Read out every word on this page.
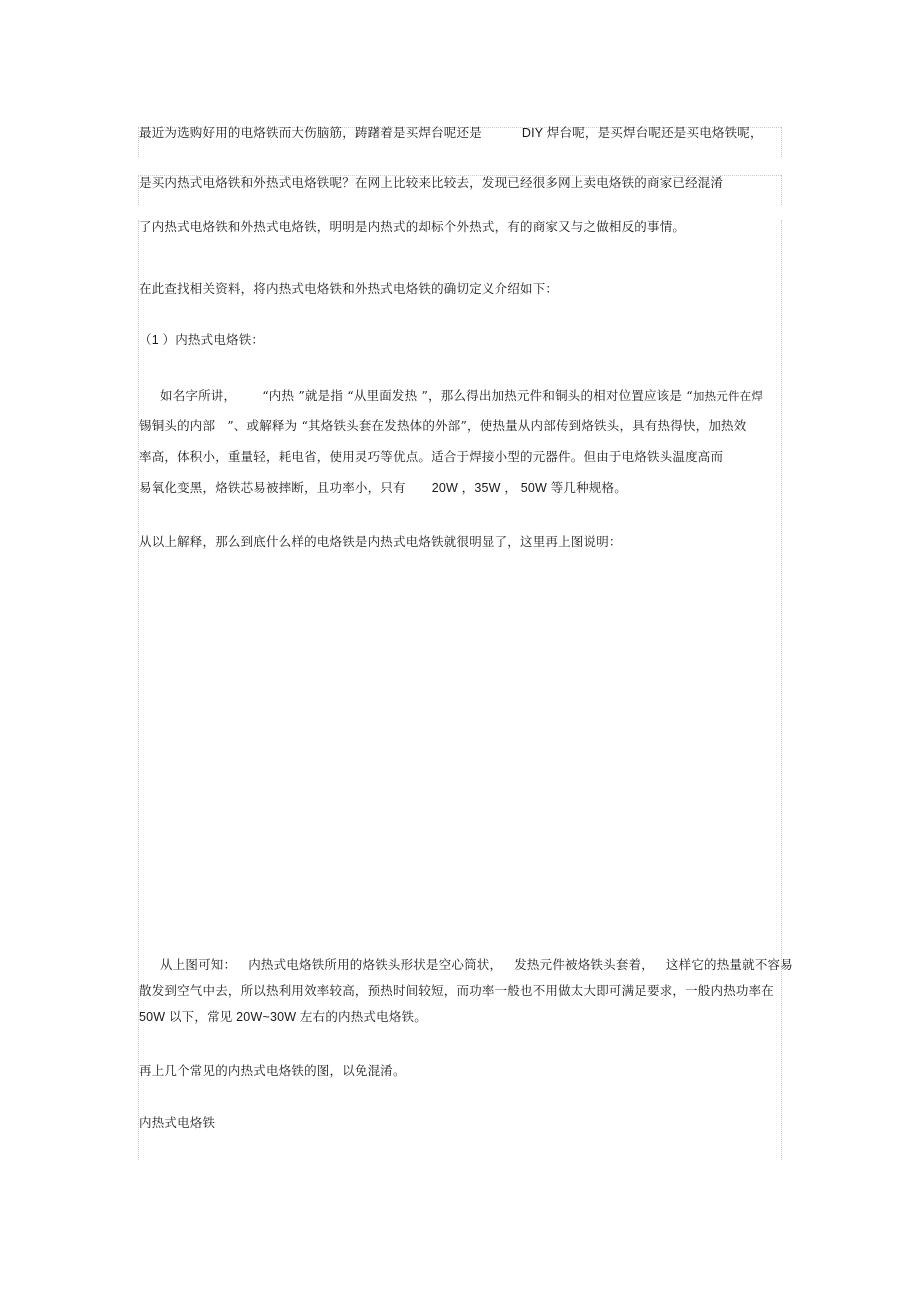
最近为选购好用的电烙铁而大伤脑筋，踌躇着是买焊台呢还是	DIY 焊台呢，是买焊台呢还是买电烙铁呢，
是买内热式电烙铁和外热式电烙铁呢？在网上比较来比较去，发现已经很多网上卖电烙铁的商家已经混淆
了内热式电烙铁和外热式电烙铁，明明是内热式的却标个外热式，有的商家又与之做相反的事情。
在此查找相关资料，将内热式电烙铁和外热式电烙铁的确切定义介绍如下：
（1 ）内热式电烙铁：
如名字所讲， “内热 ”就是指 “从里面发热 ”，那么得出加热元件和铜头的相对位置应该是 “加热元件在焊
锡铜头的内部 ”、或解释为 “其烙铁头套在发热体的外部”，使热量从内部传到烙铁头，具有热得快，加热效
率高，体积小，重量轻，耗电省，使用灵巧等优点。适合于焊接小型的元器件。但由于电烙铁头温度高而
易氧化变黑，烙铁芯易被摔断，且功率小，只有 20W ，35W ， 50W 等几种规格。
从以上解释，那么到底什么样的电烙铁是内热式电烙铁就很明显了，这里再上图说明：
从上图可知： 内热式电烙铁所用的烙铁头形状是空心筒状， 发热元件被烙铁头套着， 这样它的热量就不容易
散发到空气中去，所以热利用效率较高，预热时间较短，而功率一般也不用做太大即可满足要求，一般内热功率在
50W 以下，常见 20W~30W 左右的内热式电烙铁。
再上几个常见的内热式电烙铁的图，以免混淆。
内热式电烙铁
